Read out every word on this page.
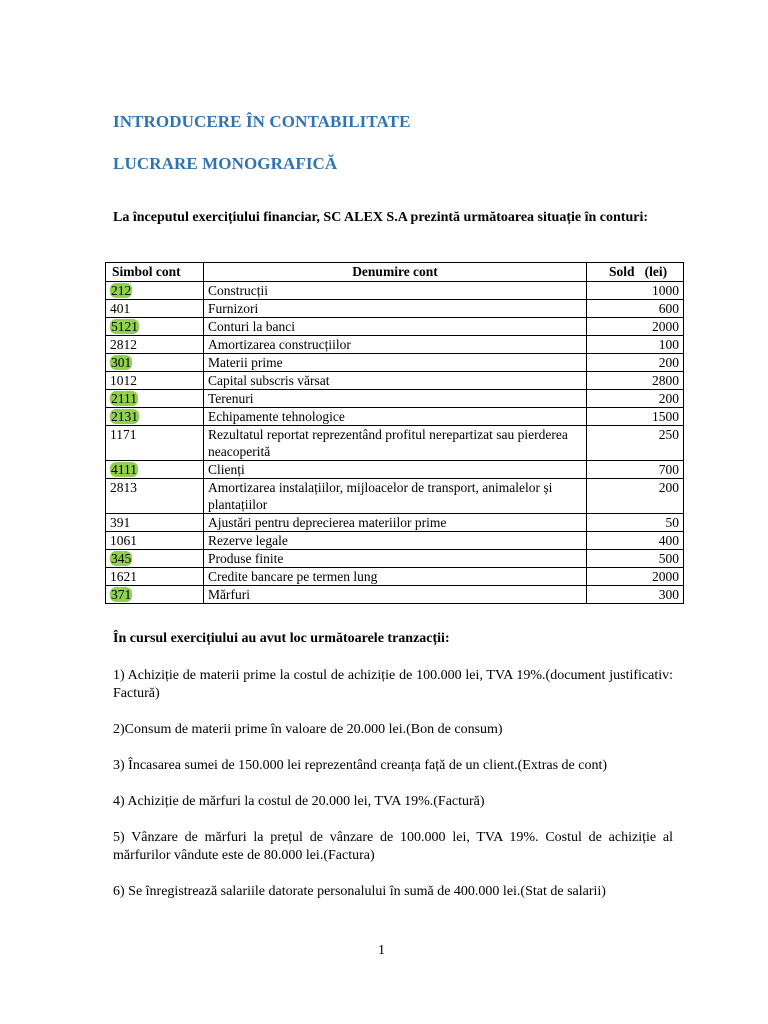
INTRODUCERE ÎN CONTABILITATE
LUCRARE MONOGRAFICĂ
La începutul exercițiului financiar, SC ALEX S.A prezintă următoarea situație în conturi:
Simbol cont	Denumire cont	Sold   (lei)
212	Construcții	1000
401	Furnizori	600
5121	Conturi la banci	2000
2812	Amortizarea construcțiilor	100
301	Materii prime	200
1012	Capital subscris vărsat	2800
2111	Terenuri	200
2131	Echipamente tehnologice	1500
1171	Rezultatul reportat reprezentând profitul nerepartizat sau pierderea neacoperită	250
4111	Clienți	700
2813	Amortizarea instalațiilor, mijloacelor de transport, animalelor și plantațiilor	200
391	Ajustări pentru deprecierea materiilor prime	50
1061	Rezerve legale	400
345	Produse finite	500
1621	Credite bancare pe termen lung	2000
371	Mărfuri	300
În cursul exercițiului au avut loc următoarele tranzacții:
1) Achiziție de materii prime la costul de achiziție de 100.000 lei, TVA 19%.(document justificativ: Factură)
2)Consum de materii prime în valoare de 20.000 lei.(Bon de consum)
3) Încasarea sumei de 150.000 lei reprezentând creanța față de un client.(Extras de cont)
4) Achiziție de mărfuri la costul de 20.000 lei, TVA 19%.(Factură)
5) Vânzare de mărfuri la prețul de vânzare de 100.000 lei, TVA 19%. Costul de achiziție al mărfurilor vândute este de 80.000 lei.(Factura)
6) Se înregistrează salariile datorate personalului în sumă de 400.000 lei.(Stat de salarii)
1
